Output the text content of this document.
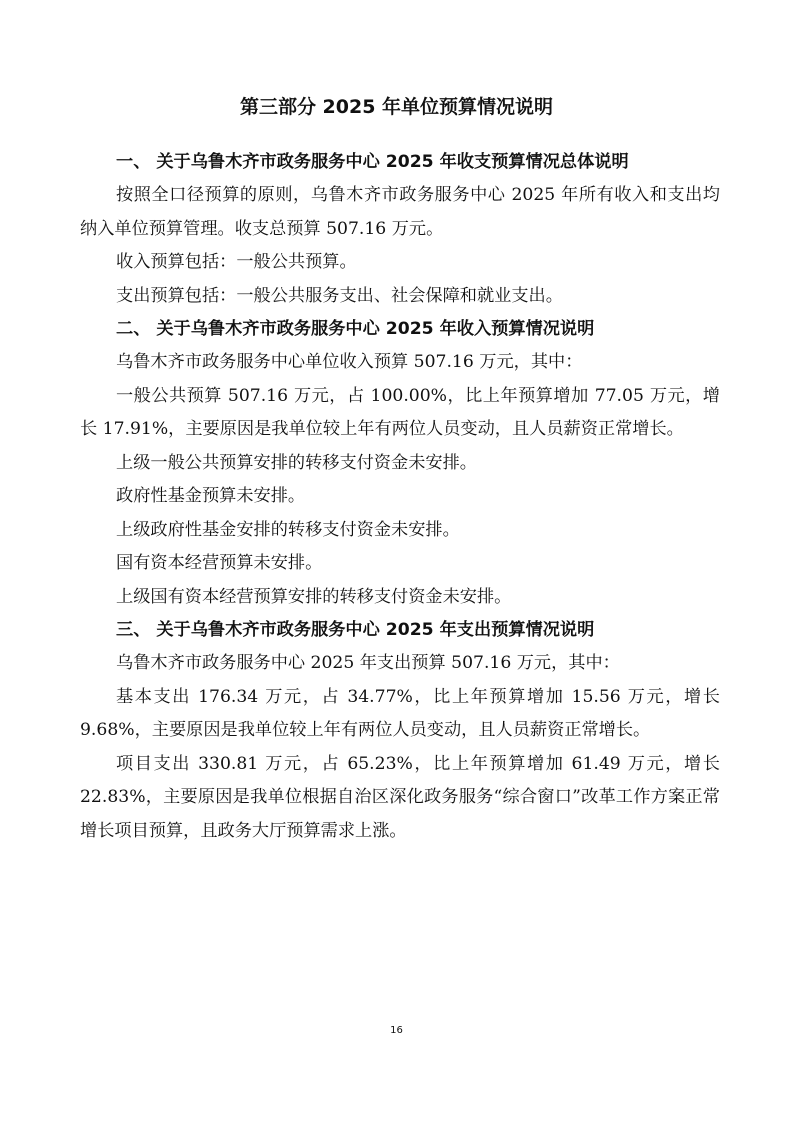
第三部分 2025 年单位预算情况说明
一、 关于乌鲁木齐市政务服务中心 2025 年收支预算情况总体说明

按照全口径预算的原则，乌鲁木齐市政务服务中心 2025 年所有收入和支出均纳入单位预算管理。收支总预算 507.16 万元。

收入预算包括：一般公共预算。

支出预算包括：一般公共服务支出、社会保障和就业支出。

二、 关于乌鲁木齐市政务服务中心 2025 年收入预算情况说明

乌鲁木齐市政务服务中心单位收入预算 507.16 万元，其中：

一般公共预算 507.16 万元，占 100.00%，比上年预算增加 77.05 万元，增长 17.91%，主要原因是我单位较上年有两位人员变动，且人员薪资正常增长。

上级一般公共预算安排的转移支付资金未安排。

政府性基金预算未安排。

上级政府性基金安排的转移支付资金未安排。

国有资本经营预算未安排。

上级国有资本经营预算安排的转移支付资金未安排。

三、 关于乌鲁木齐市政务服务中心 2025 年支出预算情况说明

乌鲁木齐市政务服务中心 2025 年支出预算 507.16 万元，其中：

基本支出 176.34 万元，占 34.77%，比上年预算增加 15.56 万元，增长 9.68%，主要原因是我单位较上年有两位人员变动，且人员薪资正常增长。

项目支出 330.81 万元，占 65.23%，比上年预算增加 61.49 万元，增长 22.83%，主要原因是我单位根据自治区深化政务服务“综合窗口”改革工作方案正常增长项目预算，且政务大厅预算需求上涨。

16
